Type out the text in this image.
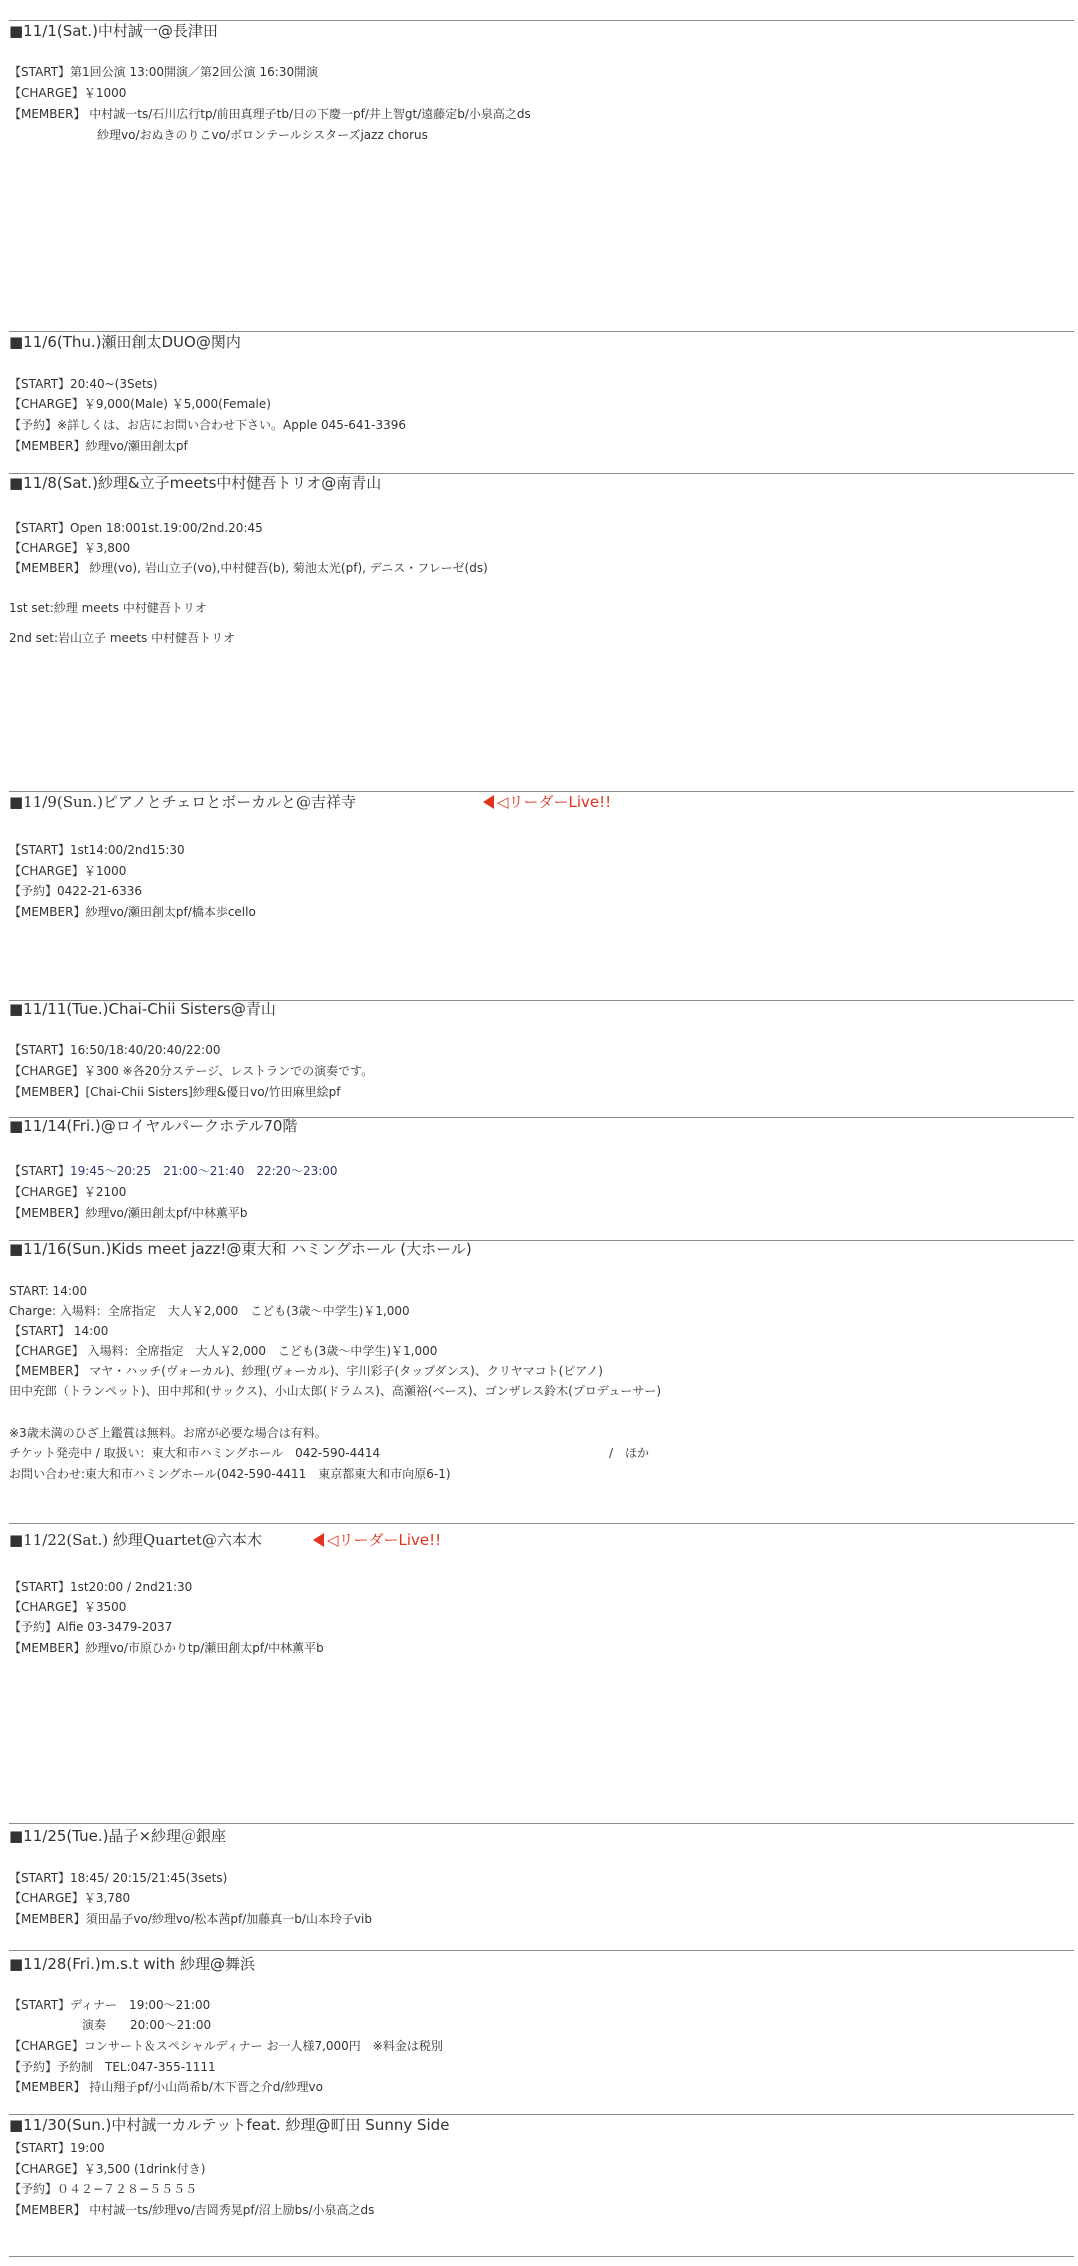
■11/1(Sat.)中村誠一@長津田
【START】第1回公演 13:00開演／第2回公演 16:30開演
【CHARGE】￥1000
【MEMBER】 中村誠一ts/石川広行tp/前田真理子tb/日の下慶一pf/井上智gt/遠藤定b/小泉高之ds
紗理vo/おぬきのりこvo/ボロンテールシスターズjazz chorus
■11/6(Thu.)瀬田創太DUO@関内
【START】20:40~(3Sets)
【CHARGE】￥9,000(Male) ￥5,000(Female)
【予約】※詳しくは、お店にお問い合わせ下さい。Apple 045-641-3396
【MEMBER】紗理vo/瀬田創太pf
■11/8(Sat.)紗理&立子meets中村健吾トリオ@南青山
【START】Open 18:001st.19:00/2nd.20:45
【CHARGE】￥3,800
【MEMBER】 紗理(vo), 岩山立子(vo),中村健吾(b), 菊池太光(pf), デニス・フレーゼ(ds)
1st set:紗理 meets 中村健吾トリオ
2nd set:岩山立子 meets 中村健吾トリオ
■11/9(Sun.)ピアノとチェロとボーカルと@吉祥寺	◁リーダーLive!!
【START】1st14:00/2nd15:30
【CHARGE】￥1000
【予約】0422-21-6336
【MEMBER】紗理vo/瀬田創太pf/橋本歩cello
■11/11(Tue.)Chai-Chii Sisters@青山
【START】16:50/18:40/20:40/22:00
【CHARGE】￥300 ※各20分ステージ、レストランでの演奏です。
【MEMBER】[Chai-Chii Sisters]紗理&優日vo/竹田麻里絵pf
■11/14(Fri.)@ロイヤルパークホテル70階
【START】19:45～20:25　21:00～21:40　22:20～23:00
【CHARGE】￥2100
【MEMBER】紗理vo/瀬田創太pf/中林薫平b
■11/16(Sun.)Kids meet jazz!@東大和 ハミングホール (大ホール)
START: 14:00
Charge: 入場料：全席指定　大人￥2,000　こども(3歳～中学生)￥1,000
【START】 14:00
【CHARGE】 入場料：全席指定　大人￥2,000　こども(3歳～中学生)￥1,000
【MEMBER】 マヤ・ハッチ(ヴォーカル)、紗理(ヴォーカル)、宇川彩子(タップダンス)、クリヤマコト(ピアノ)
田中充郎（トランペット)、田中邦和(サックス)、小山太郎(ドラムス)、高瀬裕(ベース)、ゴンザレス鈴木(プロデューサー)
※3歳未満のひざ上鑑賞は無料。お席が必要な場合は有料。
チケット発売中 / 取扱い：東大和市ハミングホール　042-590-4414	/　ほか
お問い合わせ:東大和市ハミングホール(042-590-4411　東京都東大和市向原6-1)
■11/22(Sat.) 紗理Quartet@六本木	◁リーダーLive!!
【START】1st20:00 / 2nd21:30
【CHARGE】￥3500
【予約】Alfie 03-3479-2037
【MEMBER】紗理vo/市原ひかりtp/瀬田創太pf/中林薫平b
■11/25(Tue.)晶子×紗理＠銀座
【START】18:45/ 20:15/21:45(3sets)
【CHARGE】￥3,780
【MEMBER】須田晶子vo/紗理vo/松本茜pf/加藤真一b/山本玲子vib
■11/28(Fri.)m.s.t with 紗理@舞浜
【START】ディナー　19:00～21:00
演奏　　20:00～21:00
【CHARGE】コンサート＆スペシャルディナー お一人様7,000円　※料金は税別
【予約】予約制　TEL:047-355-1111
【MEMBER】 持山翔子pf/小山尚希b/木下晋之介d/紗理vo
■11/30(Sun.)中村誠一カルテットfeat. 紗理@町田 Sunny Side
【START】19:00
【CHARGE】￥3,500 (1drink付き)
【予約】０４２−７２８−５５５５
【MEMBER】 中村誠一ts/紗理vo/吉岡秀晃pf/沼上励bs/小泉高之ds
